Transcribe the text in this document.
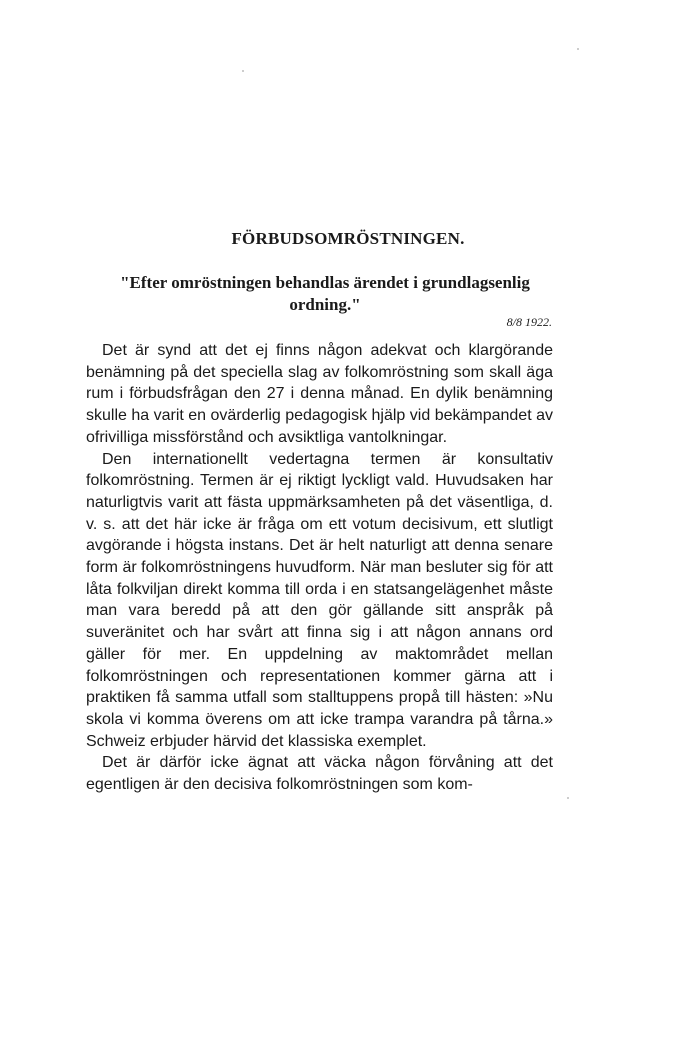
FÖRBUDSOMRÖSTNINGEN.
"Efter omröstningen behandlas ärendet i grundlagsenlig ordning."
8/8 1922.

Det är synd att det ej finns någon adekvat och klargörande benämning på det speciella slag av folkomröstning som skall äga rum i förbudsfrågan den 27 i denna månad. En dylik benämning skulle ha varit en ovärderlig pedagogisk hjälp vid bekämpandet av ofrivilliga missförstånd och avsiktliga vantolkningar.

Den internationellt vedertagna termen är konsultativ folkomröstning. Termen är ej riktigt lyckligt vald. Huvudsaken har naturligtvis varit att fästa uppmärksamheten på det väsentliga, d. v. s. att det här icke är fråga om ett votum decisivum, ett slutligt avgörande i högsta instans. Det är helt naturligt att denna senare form är folkomröstningens huvudform. När man besluter sig för att låta folkviljan direkt komma till orda i en statsangelägenhet måste man vara beredd på att den gör gällande sitt anspråk på suveränitet och har svårt att finna sig i att någon annans ord gäller för mer. En uppdelning av maktområdet mellan folkomröstningen och representationen kommer gärna att i praktiken få samma utfall som stalltuppens propå till hästen: »Nu skola vi komma överens om att icke trampa varandra på tårna.» Schweiz erbjuder härvid det klassiska exemplet.

Det är därför icke ägnat att väcka någon förvåning att det egentligen är den decisiva folkomröstningen som kom-
